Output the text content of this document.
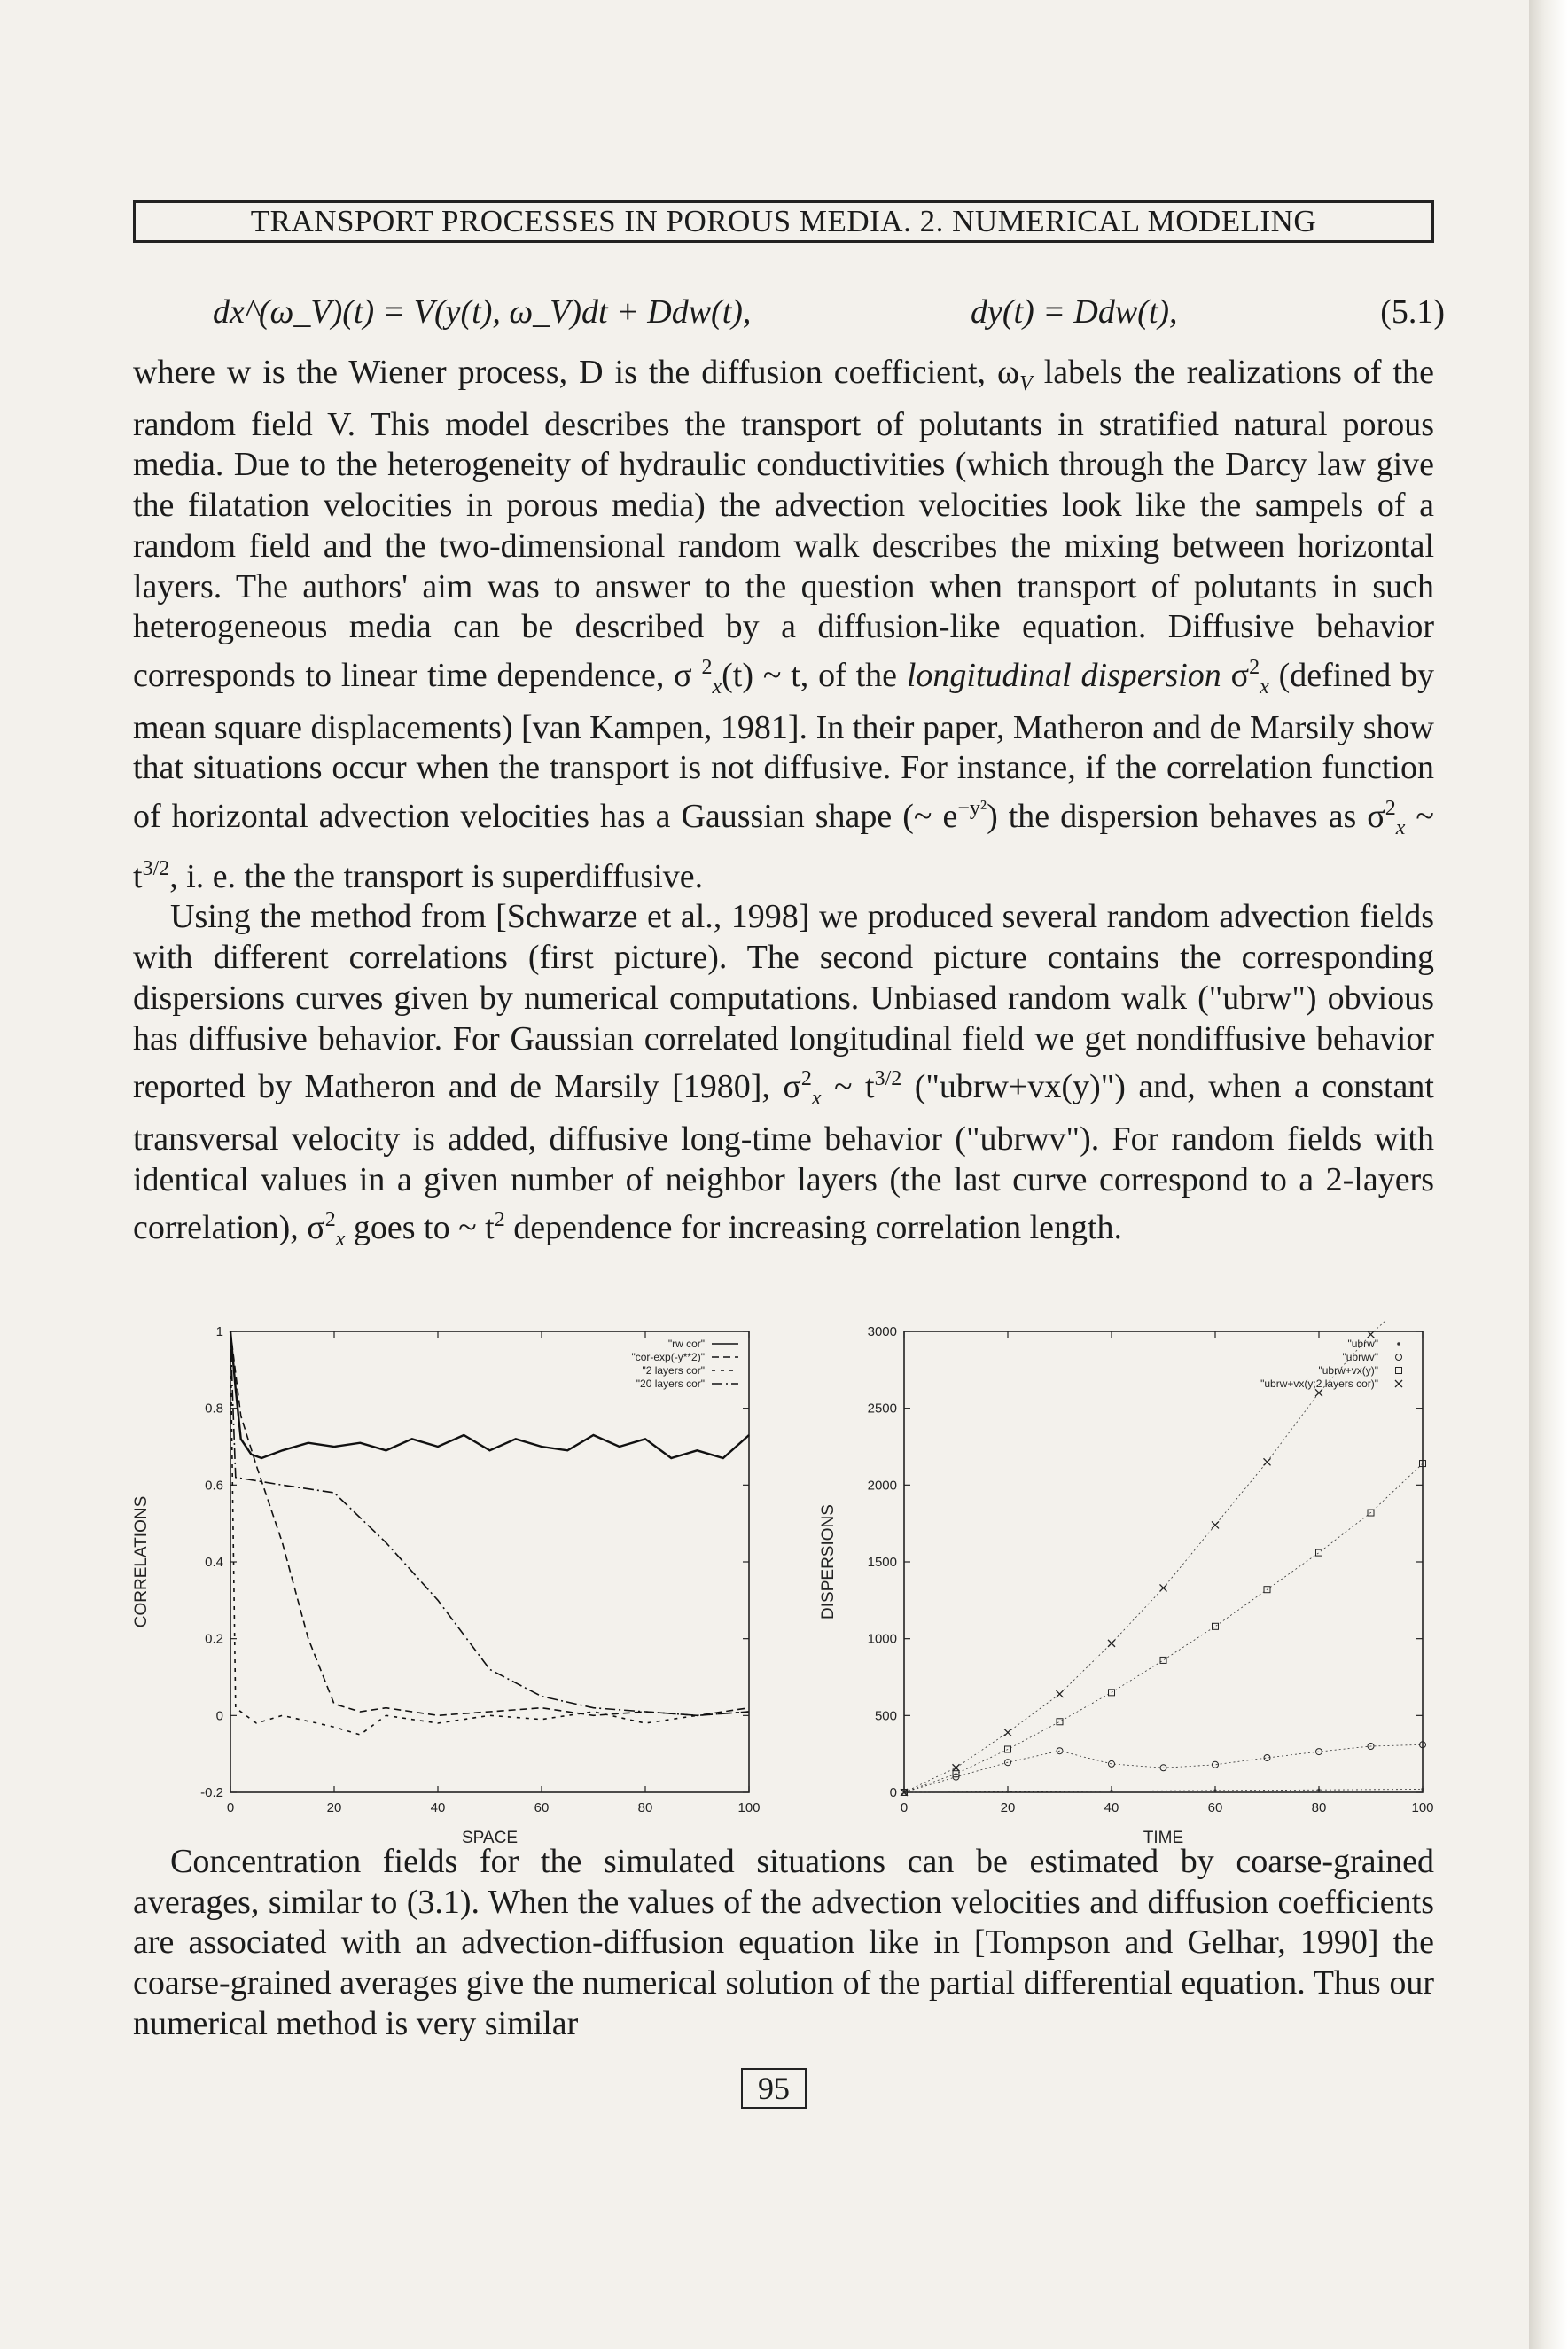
TRANSPORT PROCESSES IN POROUS MEDIA. 2. NUMERICAL MODELING
dx^(ω_V)(t) = V(y(t), ω_V)dt + Ddw(t),	dy(t) = Ddw(t),	(5.1)

where w is the Wiener process, D is the diffusion coefficient, $\omega_V$ labels the realizations of the random field V. This model describes the transport of polutants in stratified natural porous media. Due to the heterogeneity of hydraulic conductivities (which through the Darcy law give the filatation velocities in porous media) the advection velocities look like the sampels of a random field and the two-dimensional random walk describes the mixing between horizontal layers. The authors' aim was to answer to the question when transport of polutants in such heterogeneous media can be described by a diffusion-like equation. Diffusive behavior corresponds to linear time dependence, σ $^2_x$(t) ~ t, of the longitudinal dispersion $\sigma^2_x$ (defined by mean square displacements) [van Kampen, 1981]. In their paper, Matheron and de Marsily show that situations occur when the transport is not diffusive. For instance, if the correlation function of horizontal advection velocities has a Gaussian shape (~ $e^{-y^2}$) the dispersion behaves as $\sigma^2_x$ ~ $t^{3/2}$, i. e. the the transport is superdiffusive.

Using the method from [Schwarze et al., 1998] we produced several random advection fields with different correlations (first picture). The second picture contains the corresponding dispersions curves given by numerical computations. Unbiased random walk ("ubrw") obvious has diffusive behavior. For Gaussian correlated longitudinal field we get nondiffusive behavior reported by Matheron and de Marsily [1980], $\sigma^2_x$ ~ $t^{3/2}$ ("ubrw+vx(y)") and, when a constant transversal velocity is added, diffusive long-time behavior ("ubrwv"). For random fields with identical values in a given number of neighbor layers (the last curve correspond to a 2-layers correlation), $\sigma^2_x$ goes to ~ $t^2$ dependence for increasing correlation length.

0	20	40	60	80	100
-0.2
0
0.2
0.4
0.6
0.8
1
SPACE
CORRELATIONS
"rw cor"
"cor-exp(-y**2)"
"2 layers cor"
"20 layers cor"
0	20	40	60	80	100
0
500
1000
1500
2000
2500
3000
TIME
DISPERSIONS
"ubrw"
"ubrwv"
"ubrw+vx(y)"
"ubrw+vx(y;2 layers cor)"

Concentration fields for the simulated situations can be estimated by coarse-grained averages, similar to (3.1). When the values of the advection velocities and diffusion coefficients are associated with an advection-diffusion equation like in [Tompson and Gelhar, 1990] the coarse-grained averages give the numerical solution of the partial differential equation. Thus our numerical method is very similar

95
